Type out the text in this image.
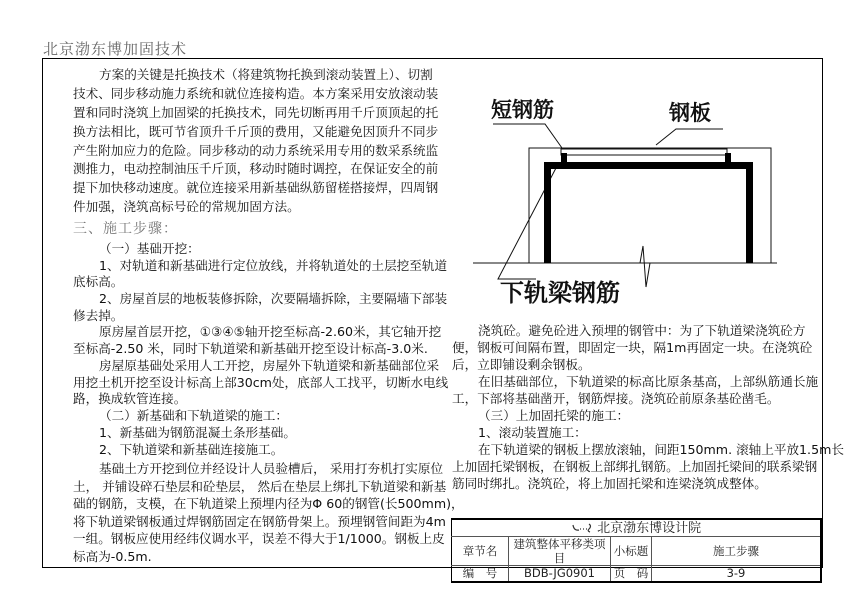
北京渤东博加固技术
三、施工步骤：
方案的关键是托换技术（将建筑物托换到滚动装置上）、切割
技术、同步移动施力系统和就位连接构造。本方案采用安放滚动装
置和同时浇筑上加固梁的托换技术，同先切断再用千斤顶顶起的托
换方法相比，既可节省顶升千斤顶的费用，又能避免因顶升不同步
产生附加应力的危险。同步移动的动力系统采用专用的数采系统监
测推力，电动控制油压千斤顶，移动时随时调控，在保证安全的前
提下加快移动速度。就位连接采用新基础纵筋留槎搭接焊，四周钢
件加强，浇筑高标号砼的常规加固方法。
（一）基础开挖：
1、对轨道和新基础进行定位放线，并将轨道处的土层挖至轨道
底标高。
2、房屋首层的地板装修拆除，次要隔墙拆除，主要隔墙下部装
修去掉。
原房屋首层开挖，①③④⑤轴开挖至标高-2.60米，其它轴开挖
至标高-2.50 米，同时下轨道梁和新基础开挖至设计标高-3.0米.
房屋原基础处采用人工开挖，房屋外下轨道梁和新基础部位采
用挖土机开挖至设计标高上部30cm处，底部人工找平，切断水电线
路，换成软管连接。
（二）新基础和下轨道梁的施工：
1、新基础为钢筋混凝土条形基础。
2、下轨道梁和新基础连接施工。
基础土方开挖到位并经设计人员验槽后， 采用打夯机打实原位
土， 并铺设碎石垫层和砼垫层， 然后在垫层上绑扎下轨道梁和新基
础的钢筋，支模，在下轨道梁上预埋内径为Φ 60的钢管(长500mm)，
将下轨道梁钢板通过焊钢筋固定在钢筋骨架上。预埋钢管间距为4m
一组。钢板应使用经纬仪调水平，误差不得大于1/1000。钢板上皮
标高为-0.5m.
浇筑砼。避免砼进入预埋的钢管中：为了下轨道梁浇筑砼方
便，钢板可间隔布置，即固定一块，隔1m再固定一块。在浇筑砼
后，立即铺设剩余钢板。
在旧基础部位，下轨道梁的标高比原条基高，上部纵筋通长施
工，下部将基础凿开，钢筋焊接。浇筑砼前原条基砼凿毛。
（三）上加固托梁的施工：
1、滚动装置施工：
在下轨道梁的钢板上摆放滚轴，间距150mm. 滚轴上平放1.5m长
上加固托梁钢板，在钢板上部绑扎钢筋。上加固托梁间的联系梁钢
筋同时绑扎。浇筑砼，将上加固托梁和连梁浇筑成整体。
短钢筋	钢板
下轨梁钢筋
北京渤东博设计院			
章节名	建筑整体平移类项目	小标题	施工步骤
编　号	BDB-JG0901	页　码	3-9
